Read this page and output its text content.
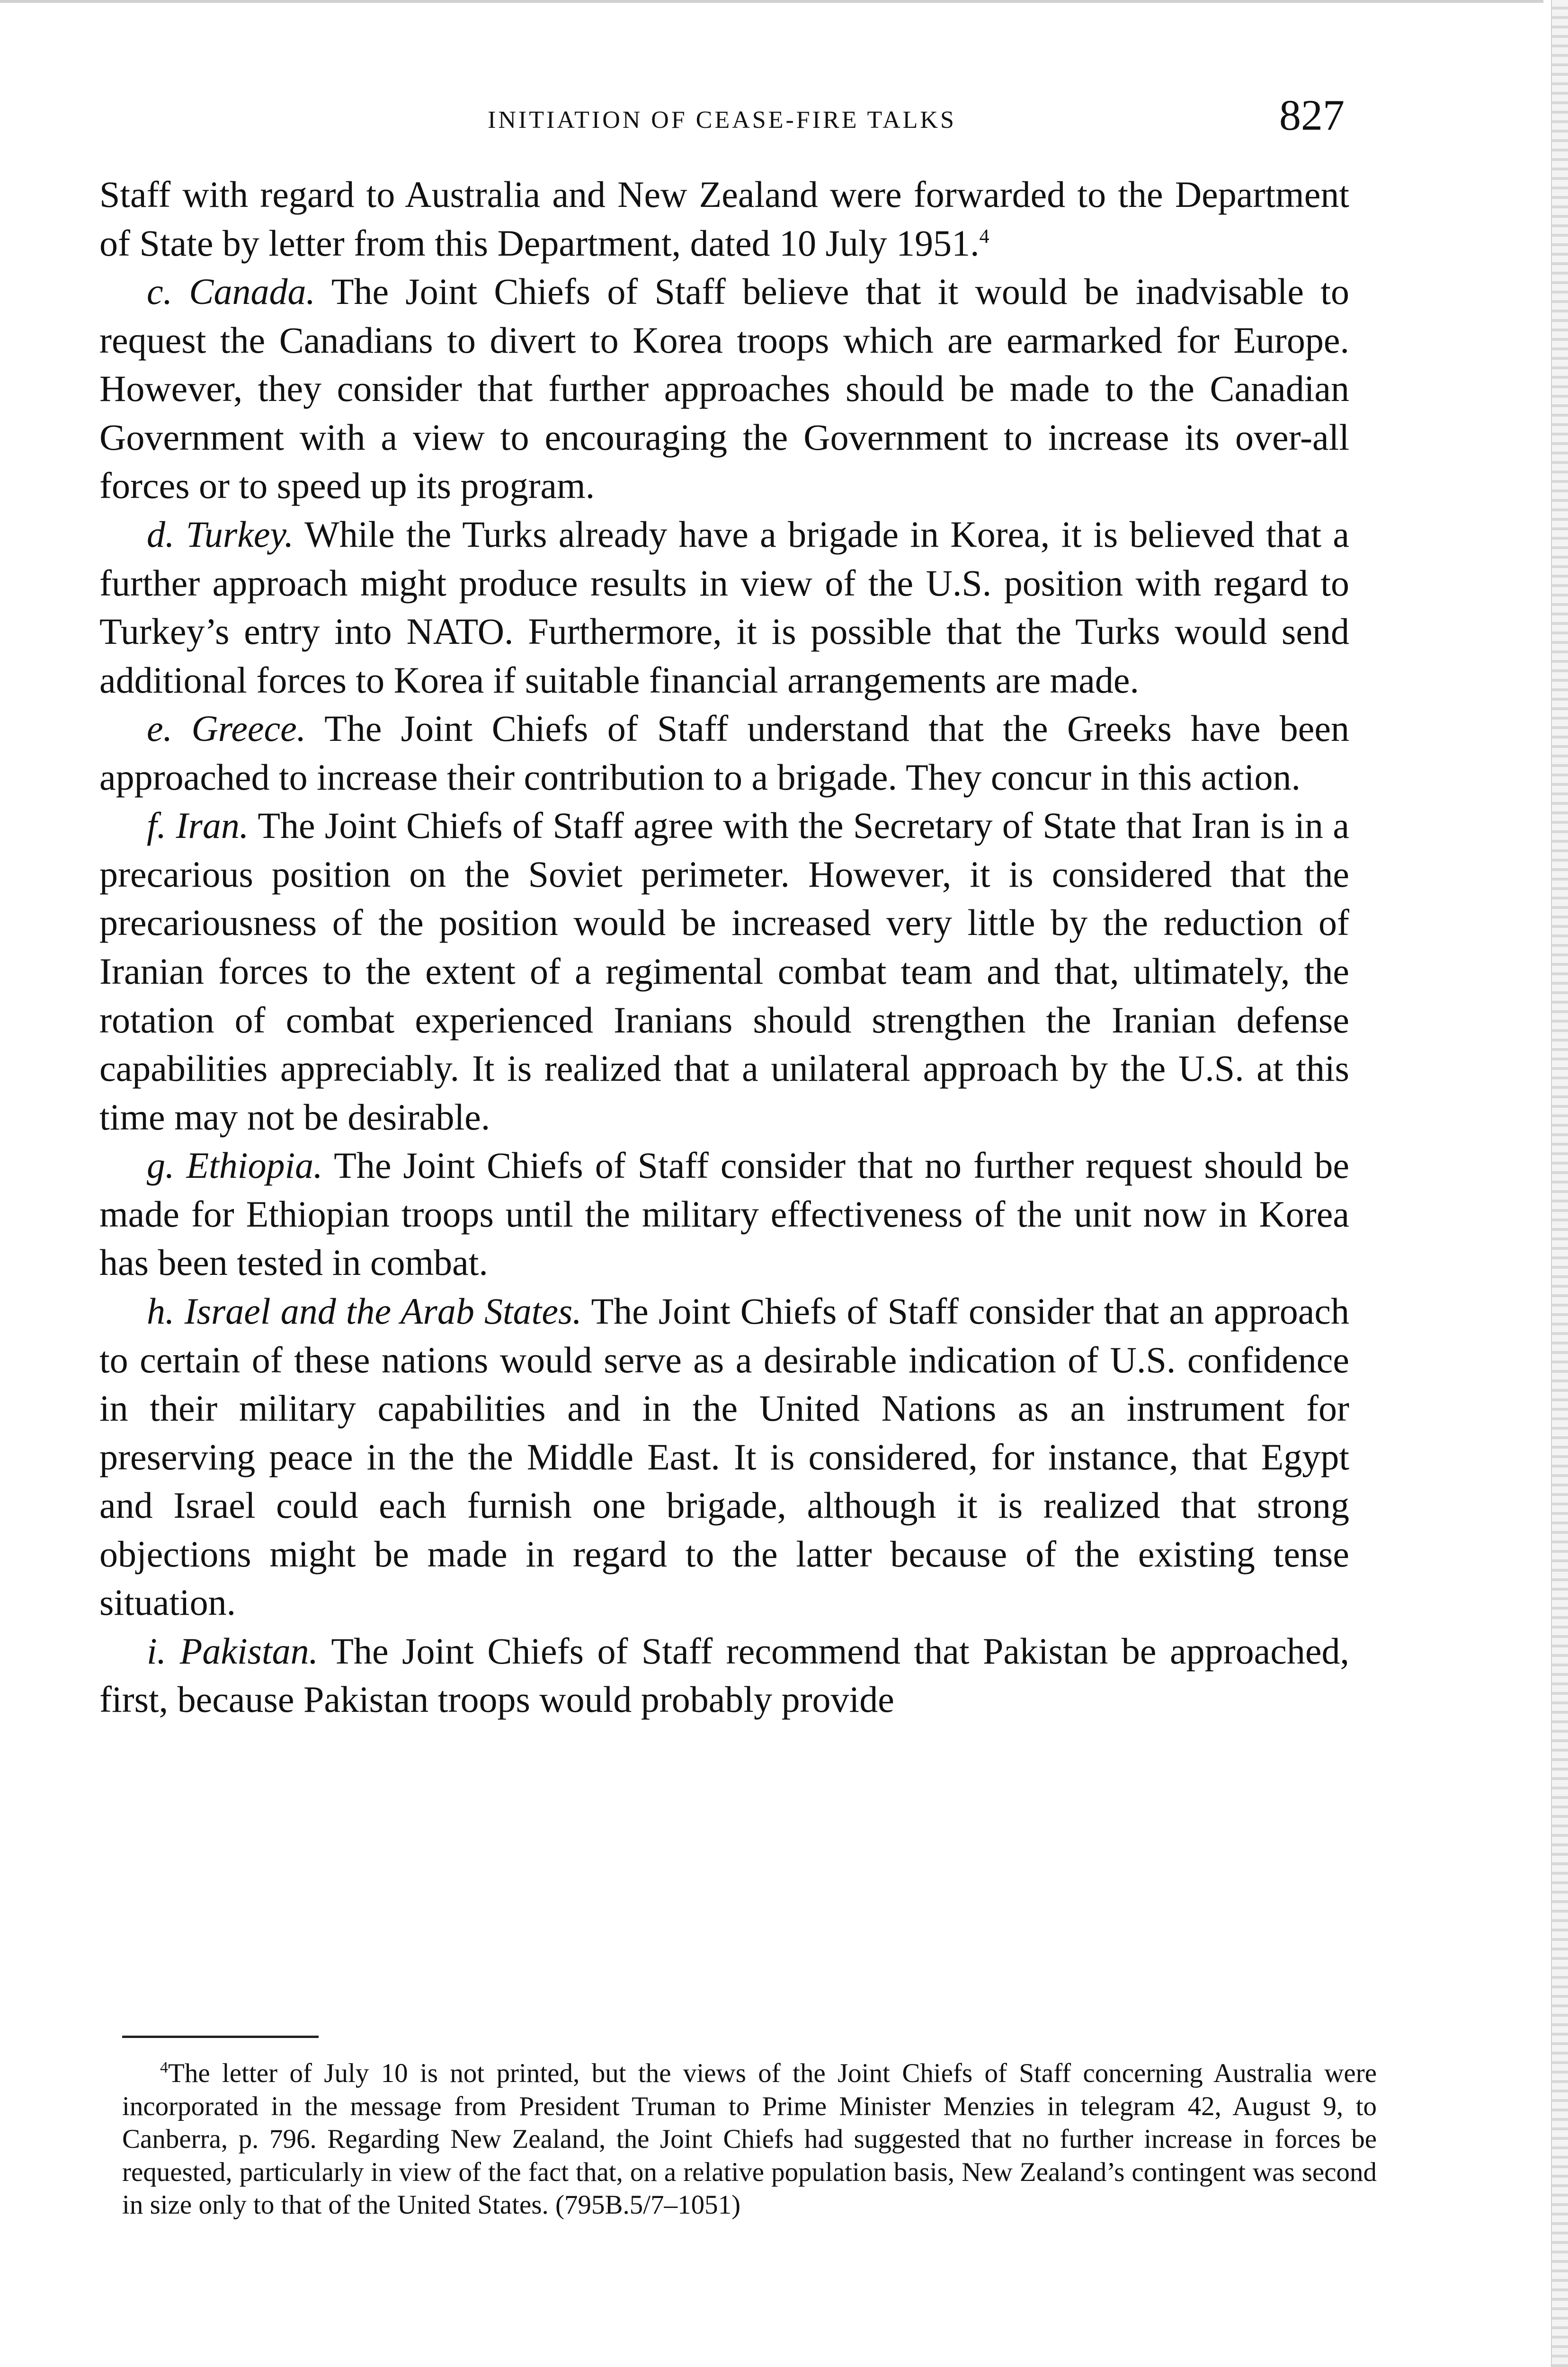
INITIATION OF CEASE-FIRE TALKS	827

Staff with regard to Australia and New Zealand were forwarded to the Department of State by letter from this Department, dated 10 July 1951.$^4$

c. Canada. The Joint Chiefs of Staff believe that it would be inadvisable to request the Canadians to divert to Korea troops which are earmarked for Europe. However, they consider that further approaches should be made to the Canadian Government with a view to encouraging the Government to increase its over-all forces or to speed up its program.

d. Turkey. While the Turks already have a brigade in Korea, it is believed that a further approach might produce results in view of the U.S. position with regard to Turkey’s entry into NATO. Furthermore, it is possible that the Turks would send additional forces to Korea if suitable financial arrangements are made.

e. Greece. The Joint Chiefs of Staff understand that the Greeks have been approached to increase their contribution to a brigade. They concur in this action.

f. Iran. The Joint Chiefs of Staff agree with the Secretary of State that Iran is in a precarious position on the Soviet perimeter. However, it is considered that the precariousness of the position would be increased very little by the reduction of Iranian forces to the extent of a regimental combat team and that, ultimately, the rotation of combat experienced Iranians should strengthen the Iranian defense capabilities appreciably. It is realized that a unilateral approach by the U.S. at this time may not be desirable.

g. Ethiopia. The Joint Chiefs of Staff consider that no further request should be made for Ethiopian troops until the military effectiveness of the unit now in Korea has been tested in combat.

h. Israel and the Arab States. The Joint Chiefs of Staff consider that an approach to certain of these nations would serve as a desirable indication of U.S. confidence in their military capabilities and in the United Nations as an instrument for preserving peace in the the Middle East. It is considered, for instance, that Egypt and Israel could each furnish one brigade, although it is realized that strong objections might be made in regard to the latter because of the existing tense situation.

i. Pakistan. The Joint Chiefs of Staff recommend that Pakistan be approached, first, because Pakistan troops would probably provide

$^4$The letter of July 10 is not printed, but the views of the Joint Chiefs of Staff concerning Australia were incorporated in the message from President Truman to Prime Minister Menzies in telegram 42, August 9, to Canberra, p. 796. Regarding New Zealand, the Joint Chiefs had suggested that no further increase in forces be requested, particularly in view of the fact that, on a relative population basis, New Zealand’s contingent was second in size only to that of the United States. (795B.5/7–1051)
